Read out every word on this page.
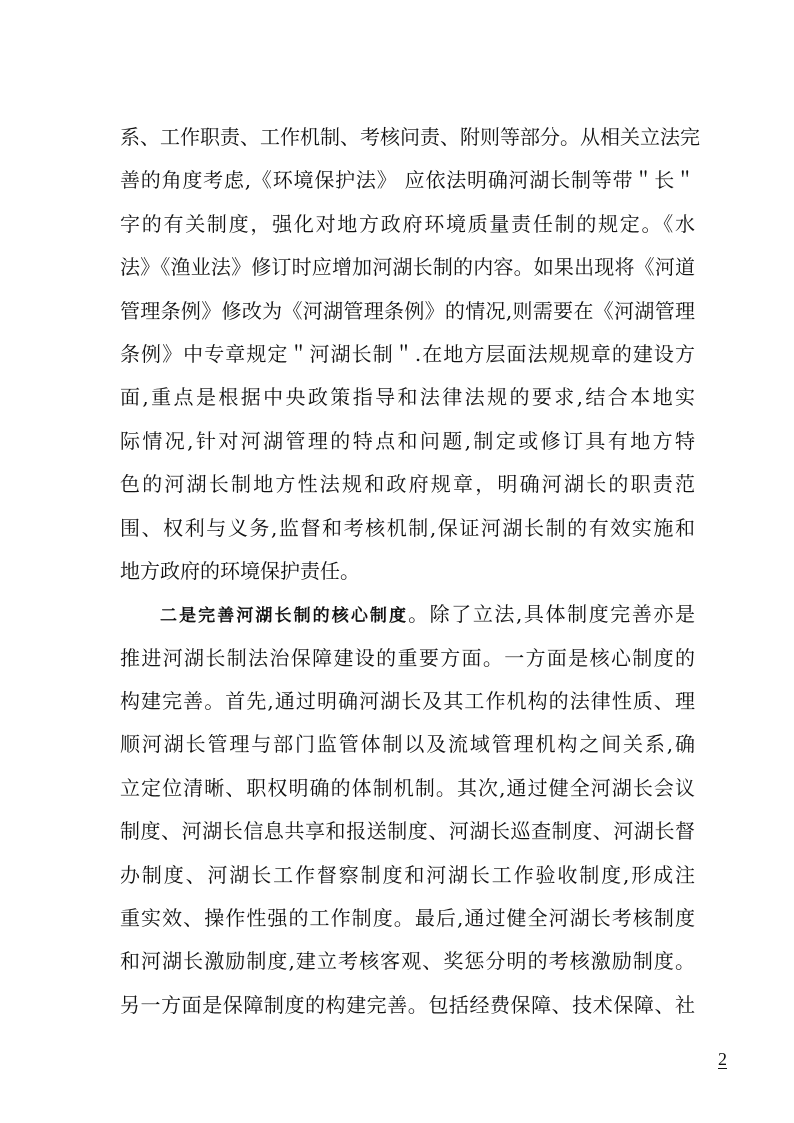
系、工作职责、工作机制、考核问责、附则等部分。从相关立法完
善的角度考虑,《环境保护法》 应依法明确河湖长制等带＂长＂
字的有关制度，强化对地方政府环境质量责任制的规定。《水
法》《渔业法》修订时应增加河湖长制的内容。如果出现将《河道
管理条例》修改为《河湖管理条例》的情况,则需要在《河湖管理
条例》中专章规定＂河湖长制＂.在地方层面法规规章的建设方
面,重点是根据中央政策指导和法律法规的要求,结合本地实
际情况,针对河湖管理的特点和问题,制定或修订具有地方特
色的河湖长制地方性法规和政府规章，明确河湖长的职责范
围、权利与义务,监督和考核机制,保证河湖长制的有效实施和
地方政府的环境保护责任。
二是完善河湖长制的核心制度。除了立法,具体制度完善亦是
推进河湖长制法治保障建设的重要方面。一方面是核心制度的
构建完善。首先,通过明确河湖长及其工作机构的法律性质、理
顺河湖长管理与部门监管体制以及流域管理机构之间关系,确
立定位清晰、职权明确的体制机制。其次,通过健全河湖长会议
制度、河湖长信息共享和报送制度、河湖长巡查制度、河湖长督
办制度、河湖长工作督察制度和河湖长工作验收制度,形成注
重实效、操作性强的工作制度。最后,通过健全河湖长考核制度
和河湖长激励制度,建立考核客观、奖惩分明的考核激励制度。
另一方面是保障制度的构建完善。包括经费保障、技术保障、社
2
